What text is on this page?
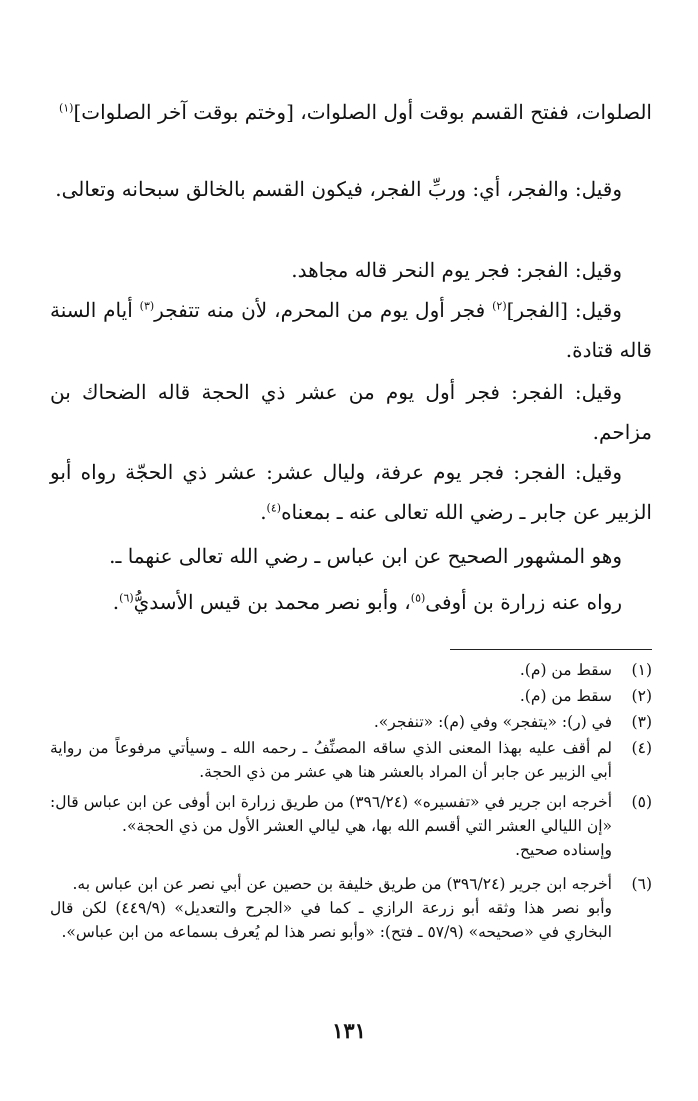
الصلوات، ففتح القسم بوقت أول الصلوات، [وختم بوقت آخر الصلوات]$^{(١)}$
وقيل: والفجر، أي: وربِّ الفجر، فيكون القسم بالخالق سبحانه وتعالى.
وقيل: الفجر: فجر يوم النحر قاله مجاهد.
وقيل: [الفجر]$^{(٢)}$ فجر أول يوم من المحرم، لأن منه تتفجر$^{(٣)}$ أيام السنة قاله قتادة.
وقيل: الفجر: فجر أول يوم من عشر ذي الحجة قاله الضحاك بن مزاحم.
وقيل: الفجر: فجر يوم عرفة، وليال عشر: عشر ذي الحجّة رواه أبو الزبير عن جابر ـ رضي الله تعالى عنه ـ بمعناه$^{(٤)}$.
وهو المشهور الصحيح عن ابن عباس ـ رضي الله تعالى عنهما ـ.
رواه عنه زرارة بن أوفى$^{(٥)}$، وأبو نصر محمد بن قيس الأسديُّ$^{(٦)}$.
(١)
سقط من (م).
(٢)
سقط من (م).
(٣)
في (ر): «يتفجر» وفي (م): «تنفجر».
(٤)
لم أقف عليه بهذا المعنى الذي ساقه المصنِّفُ ـ رحمه الله ـ وسيأتي مرفوعاً من رواية أبي الزبير عن جابر أن المراد بالعشر هنا هي عشر من ذي الحجة.
(٥)
أخرجه ابن جرير في «تفسيره» (٣٩٦/٢٤) من طريق زرارة ابن أوفى عن ابن عباس قال: «إن الليالي العشر التي أقسم الله بها، هي ليالي العشر الأول من ذي الحجة».
وإسناده صحيح.
(٦)
أخرجه ابن جرير (٣٩٦/٢٤) من طريق خليفة بن حصين عن أبي نصر عن ابن عباس به.
وأبو نصر هذا وثقه أبو زرعة الرازي ـ كما في «الجرح والتعديل» (٤٤٩/٩) لكن قال البخاري في «صحيحه» (٥٧/٩ ـ فتح): «وأبو نصر هذا لم يُعرف بسماعه من ابن عباس».
١٣١
